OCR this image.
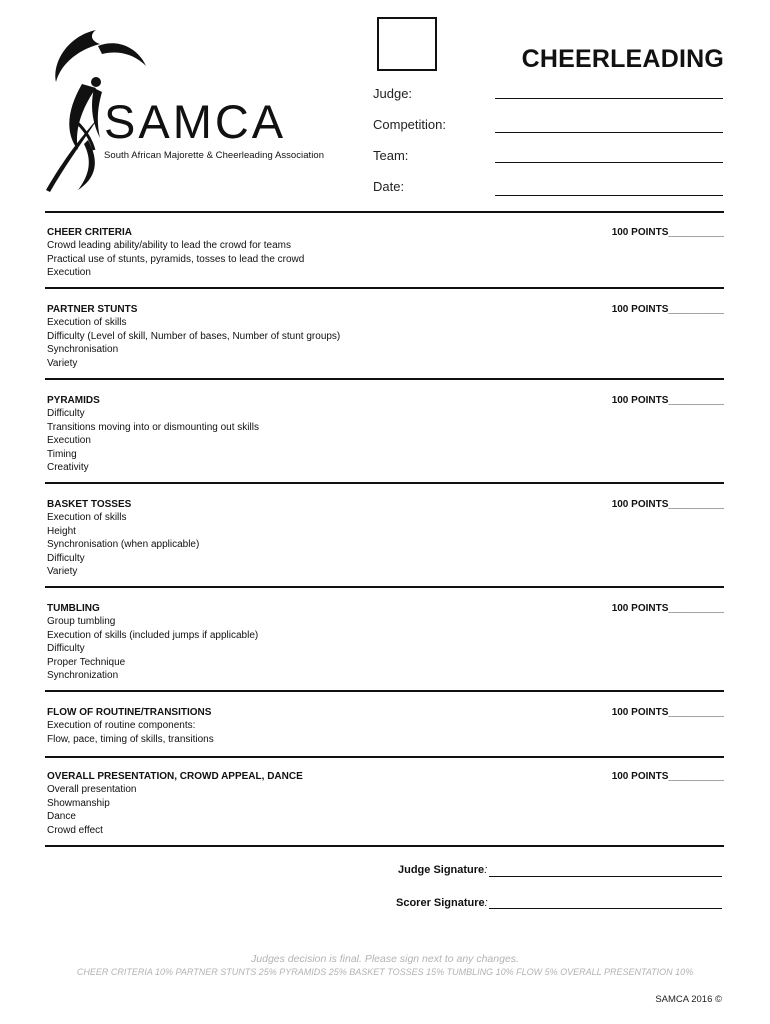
SAMCA
South African Majorette & Cheerleading Association
CHEERLEADING
Judge:
Competition:
Team:
Date:
CHEER CRITERIA	100 POINTS__________
Crowd leading ability/ability to lead the crowd for teams
Practical use of stunts, pyramids, tosses to lead the crowd
Execution
PARTNER STUNTS	100 POINTS__________
Execution of skills
Difficulty (Level of skill, Number of bases, Number of stunt groups)
Synchronisation
Variety
PYRAMIDS	100 POINTS__________
Difficulty
Transitions moving into or dismounting out skills
Execution
Timing
Creativity
BASKET TOSSES	100 POINTS__________
Execution of skills
Height
Synchronisation (when applicable)
Difficulty
Variety
TUMBLING	100 POINTS__________
Group tumbling
Execution of skills (included jumps if applicable)
Difficulty
Proper Technique
Synchronization
FLOW OF ROUTINE/TRANSITIONS	100 POINTS__________
Execution of routine components:
Flow, pace, timing of skills, transitions
OVERALL PRESENTATION, CROWD APPEAL, DANCE	100 POINTS__________
Overall presentation
Showmanship
Dance
Crowd effect
Judge Signature:
Scorer Signature:
Judges decision is final. Please sign next to any changes.
CHEER CRITERIA 10% PARTNER STUNTS 25% PYRAMIDS 25% BASKET TOSSES 15% TUMBLING 10% FLOW 5% OVERALL PRESENTATION 10%
SAMCA 2016 ©
